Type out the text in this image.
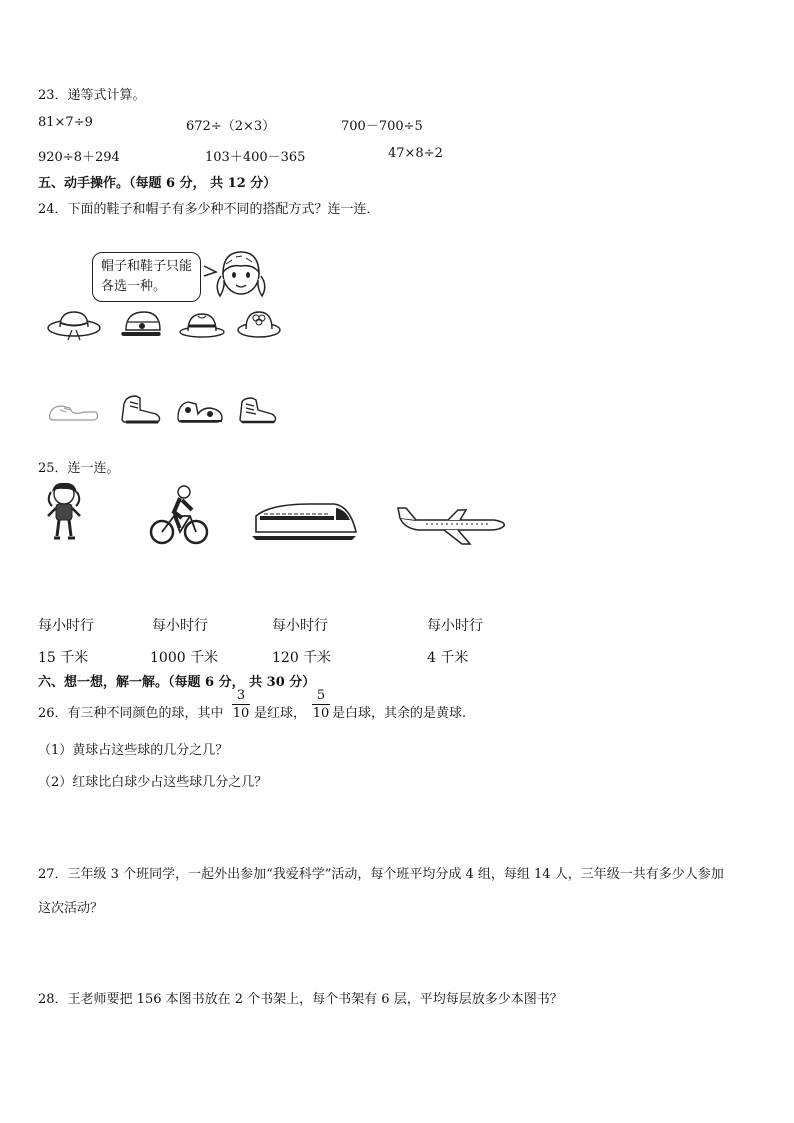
23．递等式计算。
81×7÷9	672÷（2×3）	700－700÷5
920÷8＋294	103＋400－365	47×8÷2
五、动手操作。（每题 6 分， 共 12 分）
24．下面的鞋子和帽子有多少种不同的搭配方式？连一连．
帽子和鞋子只能
各选一种。
25．连一连。
每小时行	每小时行	每小时行	每小时行
15 千米	1000 千米	120 千米	4 千米
六、想一想，解一解。（每题 6 分， 共 30 分）
26．有三种不同颜色的球，其中
3
10 是红球，
5
10 是白球，其余的是黄球.
（1）黄球占这些球的几分之几？
（2）红球比白球少占这些球几分之几？
27．三年级 3 个班同学，一起外出参加“我爱科学”活动，每个班平均分成 4 组，每组 14 人，三年级一共有多少人参加
这次活动？
28．王老师要把 156 本图书放在 2 个书架上，每个书架有 6 层，平均每层放多少本图书？
